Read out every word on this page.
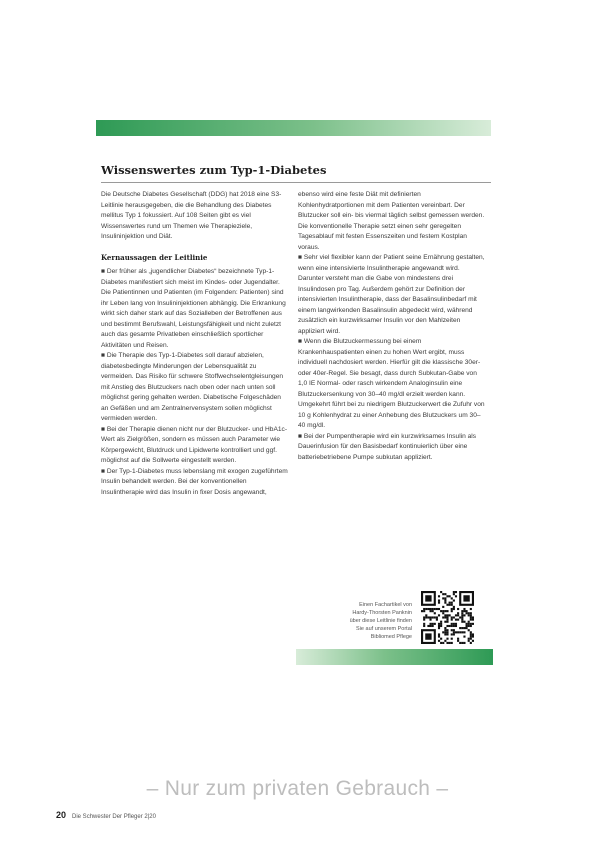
Wissenswertes zum Typ-1-Diabetes

Die Deutsche Diabetes Gesellschaft (DDG) hat 2018 eine S3-Leitlinie herausgegeben, die die Behandlung des Diabetes mellitus Typ 1 fokussiert. Auf 108 Seiten gibt es viel Wissenswertes rund um Themen wie Therapieziele, Insulininjektion und Diät.

Kernaussagen der Leitlinie

■ Der früher als „jugendlicher Diabetes“ bezeichnete Typ-1-Diabetes manifestiert sich meist im Kindes- oder Jugendalter. Die Patientinnen und Patienten (im Folgenden: Patienten) sind ihr Leben lang von Insulininjektionen abhängig. Die Erkrankung wirkt sich daher stark auf das Sozialleben der Betroffenen aus und bestimmt Berufswahl, Leistungsfähigkeit und nicht zuletzt auch das gesamte Privatleben einschließlich sportlicher Aktivitäten und Reisen.

■ Die Therapie des Typ-1-Diabetes soll darauf abzielen, diabetesbedingte Minderungen der Lebensqualität zu vermeiden. Das Risiko für schwere Stoffwechselentgleisungen mit Anstieg des Blutzuckers nach oben oder nach unten soll möglichst gering gehalten werden. Diabetische Folgeschäden an Gefäßen und am Zentralnervensystem sollen möglichst vermieden werden.

■ Bei der Therapie dienen nicht nur der Blutzucker- und HbA1c-Wert als Zielgrößen, sondern es müssen auch Parameter wie Körpergewicht, Blutdruck und Lipidwerte kontrolliert und ggf. möglichst auf die Sollwerte eingestellt werden.

■ Der Typ-1-Diabetes muss lebenslang mit exogen zugeführtem Insulin behandelt werden. Bei der konventionellen Insulintherapie wird das Insulin in fixer Dosis angewandt,

ebenso wird eine feste Diät mit definierten Kohlenhydratportionen mit dem Patienten vereinbart. Der Blutzucker soll ein- bis viermal täglich selbst gemessen werden. Die konventionelle Therapie setzt einen sehr geregelten Tagesablauf mit festen Essenszeiten und festem Kostplan voraus.

■ Sehr viel flexibler kann der Patient seine Ernährung gestalten, wenn eine intensivierte Insulintherapie angewandt wird. Darunter versteht man die Gabe von mindestens drei Insulindosen pro Tag. Außerdem gehört zur Definition der intensivierten Insulintherapie, dass der Basalinsulinbedarf mit einem langwirkenden Basalinsulin abgedeckt wird, während zusätzlich ein kurzwirksamer Insulin vor den Mahlzeiten appliziert wird.

■ Wenn die Blutzuckermessung bei einem Krankenhauspatienten einen zu hohen Wert ergibt, muss individuell nachdosiert werden. Hierfür gilt die klassische 30er- oder 40er-Regel. Sie besagt, dass durch Subkutan-Gabe von 1,0 IE Normal- oder rasch wirkendem Analoginsulin eine Blutzuckersenkung von 30–40 mg/dl erzielt werden kann. Umgekehrt führt bei zu niedrigem Blutzuckerwert die Zufuhr von 10 g Kohlenhydrat zu einer Anhebung des Blutzuckers um 30–40 mg/dl.

■ Bei der Pumpentherapie wird ein kurzwirksames Insulin als Dauerinfusion für den Basisbedarf kontinuierlich über eine batteriebetriebene Pumpe subkutan appliziert.

Einen Fachartikel von
Hardy-Thorsten Panknin
über diese Leitlinie finden
Sie auf unserem Portal
Bibliomed Pflege
– Nur zum privaten Gebrauch –
20 Die Schwester Der Pfleger 2|20
